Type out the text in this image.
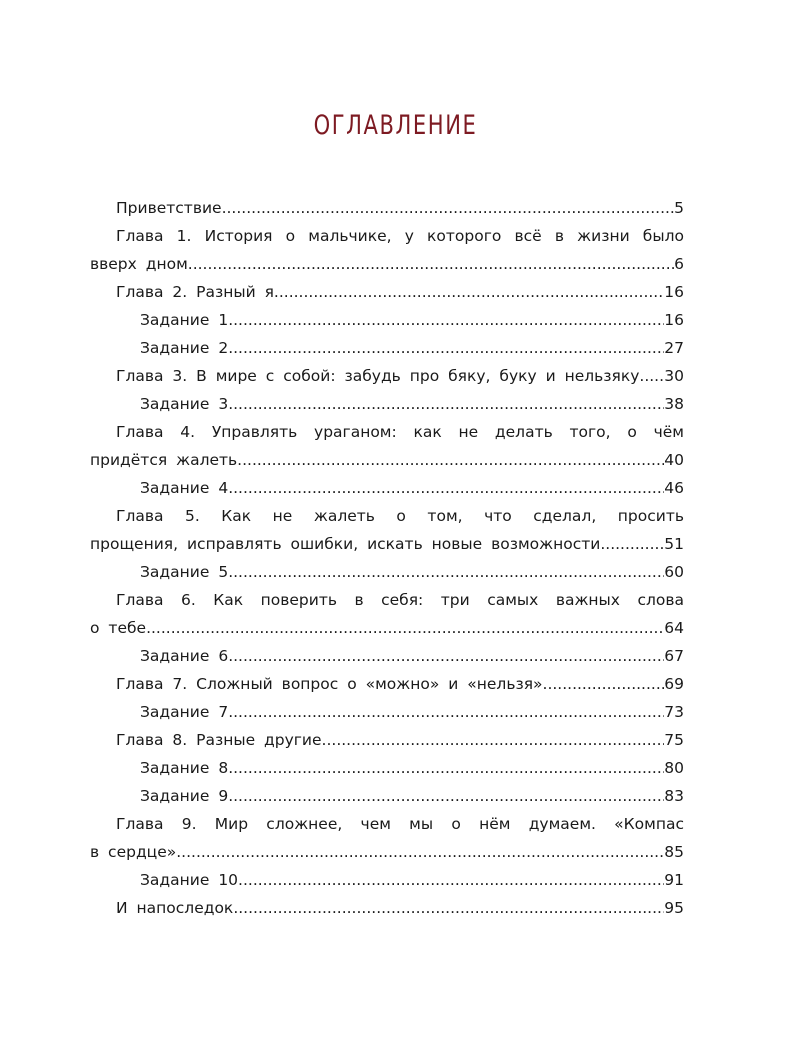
ОГЛАВЛЕНИЕ
Приветствие .....	5
Глава 1. История о мальчике, у которого всё в жизни было
вверх дном .....	6
Глава 2. Разный я .....	16
Задание 1 .....	16
Задание 2 .....	27
Глава 3. В мире с собой: забудь про бяку, буку и нельзяку ..... 30
Задание 3 .....	38
Глава 4. Управлять ураганом: как не делать того, о чём
придётся жалеть .....	40
Задание 4 .....	46
Глава 5. Как не жалеть о том, что сделал, просить
прощения, исправлять ошибки, искать новые возможности .....	51
Задание 5 .....	60
Глава 6. Как поверить в себя: три самых важных слова
о тебе .....	64
Задание 6 .....	67
Глава 7. Сложный вопрос о «можно» и «нельзя» .....	69
Задание 7 .....	73
Глава 8. Разные другие .....	75
Задание 8 .....	80
Задание 9 .....	83
Глава 9. Мир сложнее, чем мы о нём думаем. «Компас
в сердце» .....	85
Задание 10 .....	91
И напоследок .....	95
